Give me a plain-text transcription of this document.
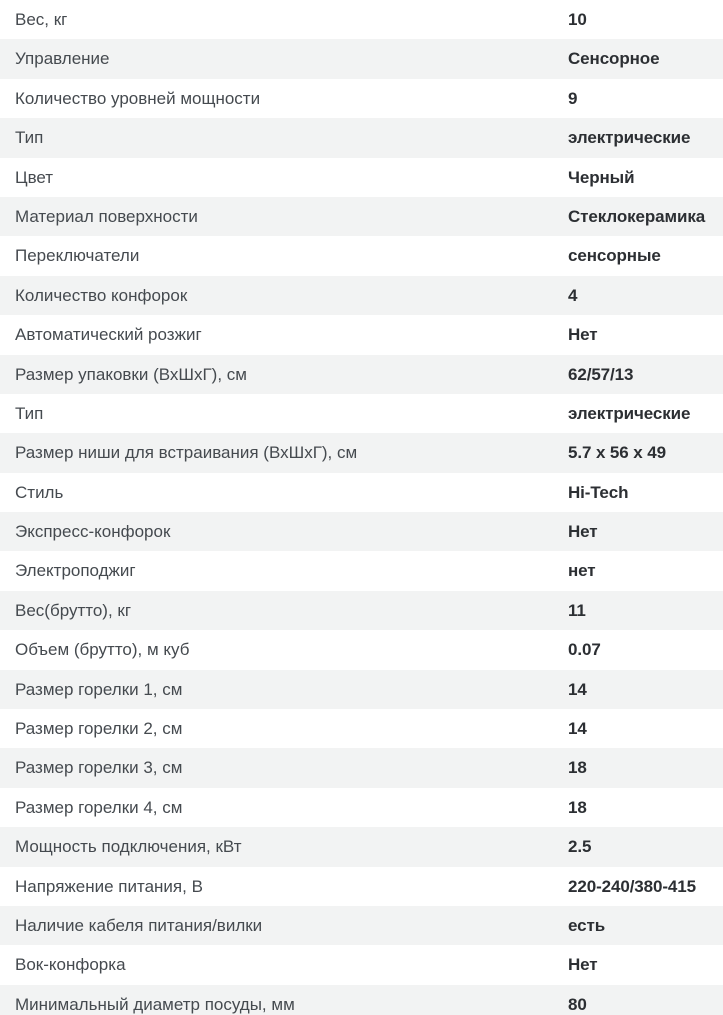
Вес, кг	10
Управление	Сенсорное
Количество уровней мощности	9
Тип	электрические
Цвет	Черный
Материал поверхности	Стеклокерамика
Переключатели	сенсорные
Количество конфорок	4
Автоматический розжиг	Нет
Размер упаковки (ВхШхГ), см	62/57/13
Тип	электрические
Размер ниши для встраивания (ВхШхГ), см	5.7 x 56 x 49
Стиль	Hi-Tech
Экспресс-конфорок	Нет
Электроподжиг	нет
Вес(брутто), кг	11
Объем (брутто), м куб	0.07
Размер горелки 1, см	14
Размер горелки 2, см	14
Размер горелки 3, см	18
Размер горелки 4, см	18
Мощность подключения, кВт	2.5
Напряжение питания, В	220-240/380-415
Наличие кабеля питания/вилки	есть
Вок-конфорка	Нет
Минимальный диаметр посуды, мм	80
